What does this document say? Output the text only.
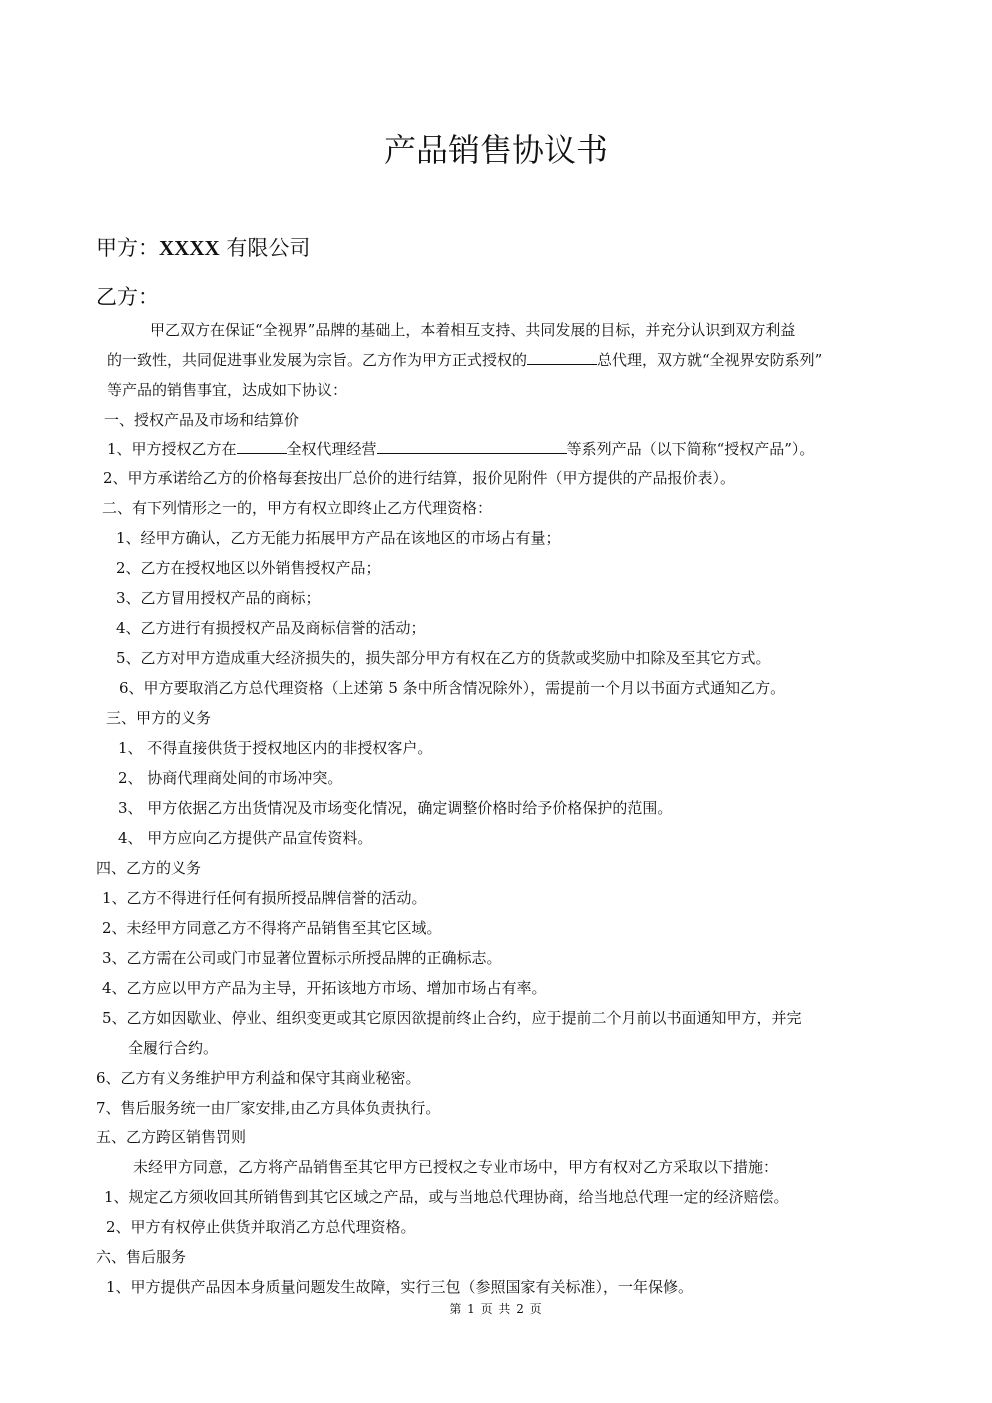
产品销售协议书
甲方：XXXX 有限公司
乙方：
甲乙双方在保证“全视界”品牌的基础上，本着相互支持、共同发展的目标，并充分认识到双方利益
的一致性，共同促进事业发展为宗旨。乙方作为甲方正式授权的	总代理，双方就“全视界安防系列”
等产品的销售事宜，达成如下协议：
一、授权产品及市场和结算价
1、甲方授权乙方在	全权代理经营	等系列产品（以下简称“授权产品”）。
2、甲方承诺给乙方的价格每套按出厂总价的进行结算，报价见附件（甲方提供的产品报价表）。
二、有下列情形之一的，甲方有权立即终止乙方代理资格：
1、经甲方确认，乙方无能力拓展甲方产品在该地区的市场占有量；
2、乙方在授权地区以外销售授权产品；
3、乙方冒用授权产品的商标；
4、乙方进行有损授权产品及商标信誉的活动；
5、乙方对甲方造成重大经济损失的，损失部分甲方有权在乙方的货款或奖励中扣除及至其它方式。
6、甲方要取消乙方总代理资格（上述第 5 条中所含情况除外），需提前一个月以书面方式通知乙方。
三、甲方的义务
1、 不得直接供货于授权地区内的非授权客户。
2、 协商代理商处间的市场冲突。
3、 甲方依据乙方出货情况及市场变化情况，确定调整价格时给予价格保护的范围。
4、 甲方应向乙方提供产品宣传资料。
四、乙方的义务
1、乙方不得进行任何有损所授品牌信誉的活动。
2、未经甲方同意乙方不得将产品销售至其它区域。
3、乙方需在公司或门市显著位置标示所授品牌的正确标志。
4、乙方应以甲方产品为主导，开拓该地方市场、增加市场占有率。
5、乙方如因歇业、停业、组织变更或其它原因欲提前终止合约，应于提前二个月前以书面通知甲方，并完
全履行合约。
6、乙方有义务维护甲方利益和保守其商业秘密。
7、售后服务统一由厂家安排,由乙方具体负责执行。
五、乙方跨区销售罚则
未经甲方同意，乙方将产品销售至其它甲方已授权之专业市场中，甲方有权对乙方采取以下措施：
1、规定乙方须收回其所销售到其它区域之产品，或与当地总代理协商，给当地总代理一定的经济赔偿。
2、甲方有权停止供货并取消乙方总代理资格。
六、售后服务
1、甲方提供产品因本身质量问题发生故障，实行三包（参照国家有关标准），一年保修。
第 1 页 共 2 页
